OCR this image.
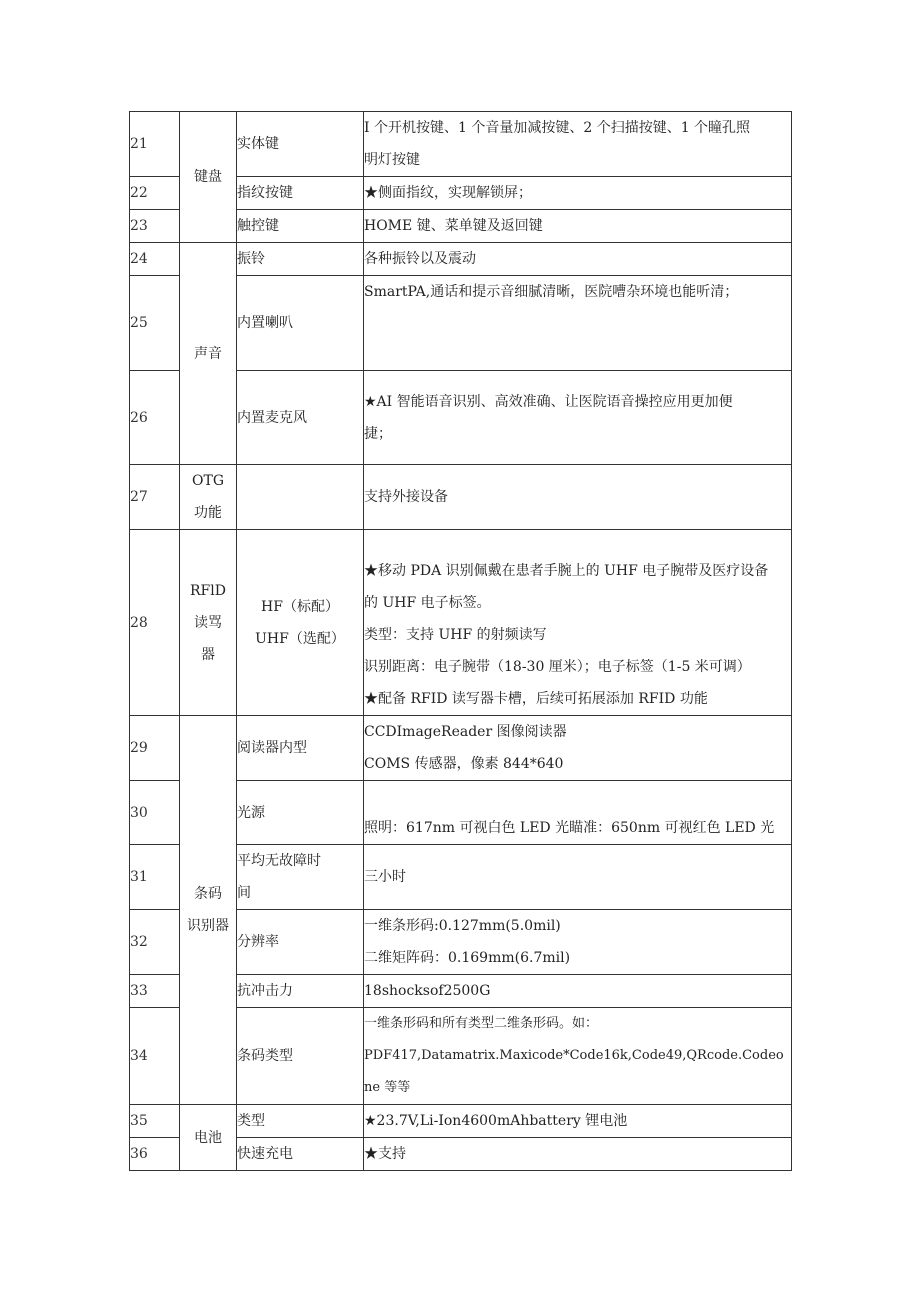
21	键盘	实体键	I 个开机按键、1 个音量加减按键、2 个扫描按键、1 个瞳孔照
明灯按键

22		指纹按键	★侧面指纹，实现解锁屏；

23		触控键	HOME 键、菜单键及返回键

24	声音	振铃	各种振铃以及震动

25		内置喇叭	SmartPA,通话和提示音细腻清晰，医院嘈杂环境也能听清；

26		内置麦克风	★AI 智能语音识别、高效准确、让医院语音操控应用更加便
捷；

27	OTG
功能		支持外接设备

28	RFlD
读骂
器	HF（标配）
UHF（选配）	★移动 PDA 识别佩戴在患者手腕上的 UHF 电子腕带及医疗设备
的 UHF 电子标签。
类型：支持 UHF 的射频读写
识别距离：电子腕带（18-30 厘米）；电子标签（1-5 米可调）
★配备 RFID 读写器卡槽，后续可拓展添加 RFID 功能

29	条码
识别器	阅读器内型	CCDImageReader 图像阅读器
COMS 传感器，像素 844*640

30		光源	照明：617nm 可视白色 LED 光瞄准：650nm 可视红色 LED 光

31		平均无故障时
间	三小时

32		分辨率	一维条形码:0.127mm(5.0mil)
二维矩阵码：0.169mm(6.7mil)

33		抗冲击力	18shocksof2500G

34		条码类型	一维条形码和所有类型二维条形码。如：
PDF417,Datamatrix.Maxicode*Code16k,Code49,QRcode.Codeone 等等

35	电池	类型	★23.7V,Li-Ion4600mAhbattery 锂电池

36		快速充电	★支持
